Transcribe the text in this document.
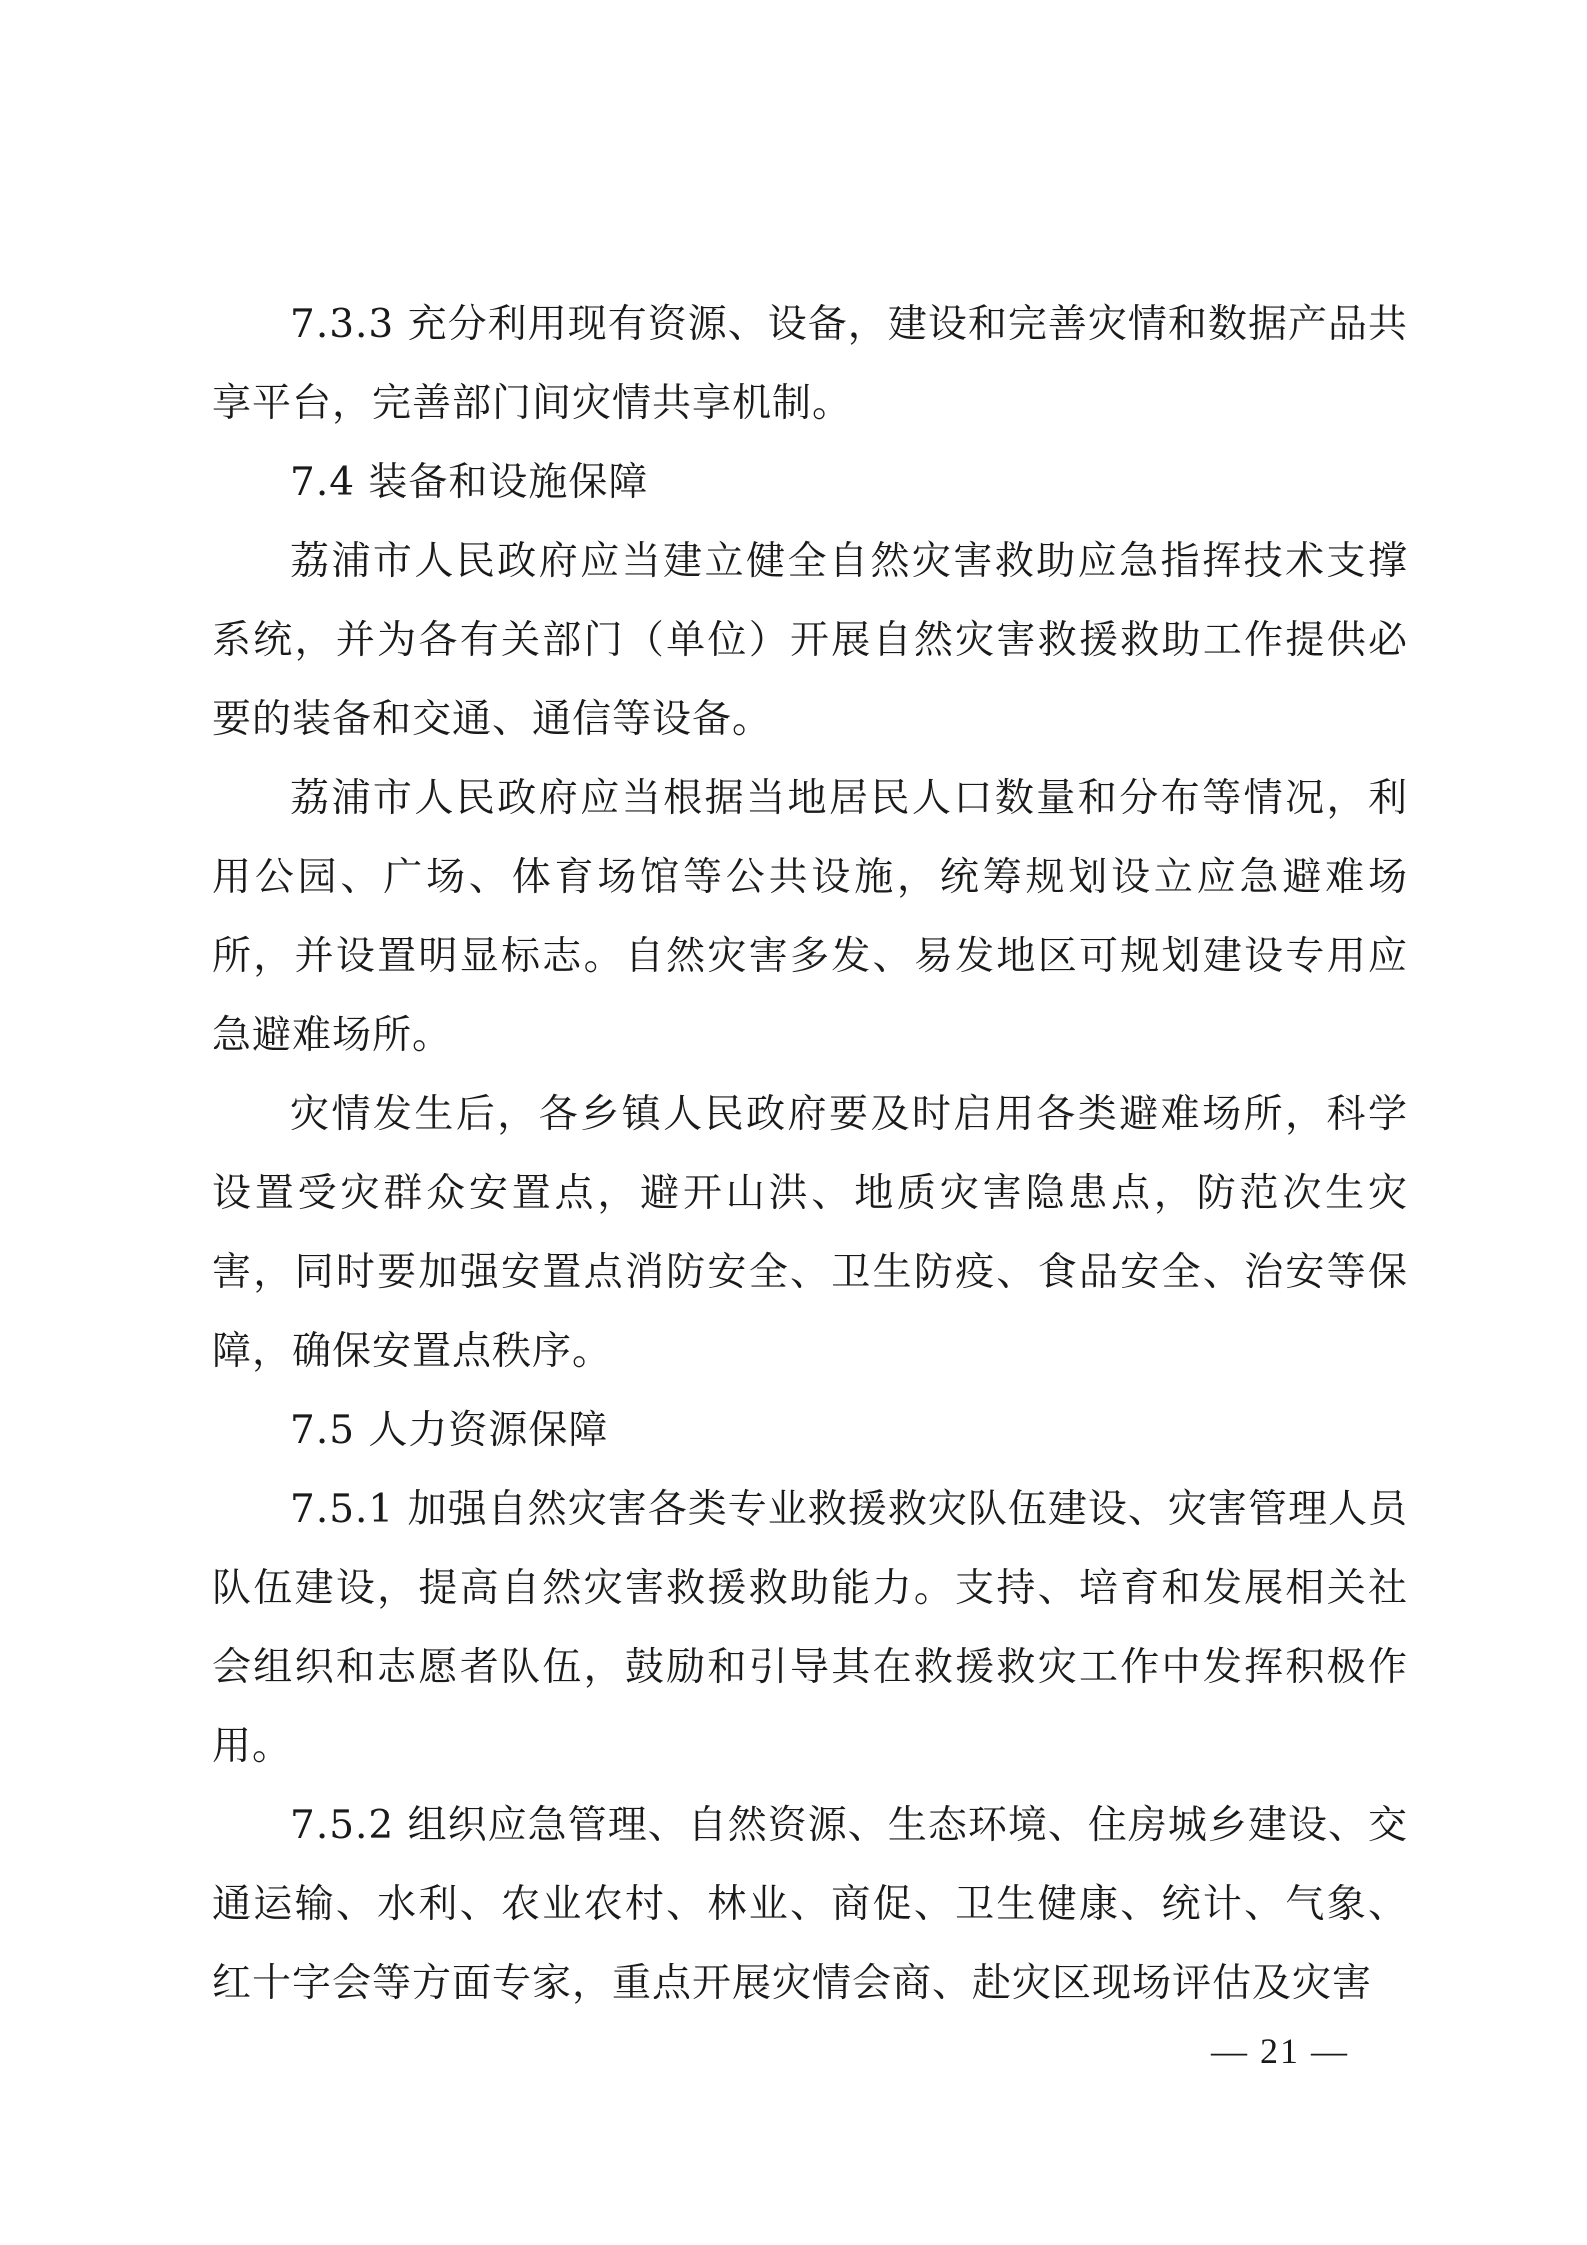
7.3.3 充分利用现有资源、设备，建设和完善灾情和数据产品共享平台，完善部门间灾情共享机制。

7.4 装备和设施保障

荔浦市人民政府应当建立健全自然灾害救助应急指挥技术支撑系统，并为各有关部门（单位）开展自然灾害救援救助工作提供必要的装备和交通、通信等设备。

荔浦市人民政府应当根据当地居民人口数量和分布等情况，利用公园、广场、体育场馆等公共设施，统筹规划设立应急避难场所，并设置明显标志。自然灾害多发、易发地区可规划建设专用应急避难场所。

灾情发生后，各乡镇人民政府要及时启用各类避难场所，科学设置受灾群众安置点，避开山洪、地质灾害隐患点，防范次生灾害，同时要加强安置点消防安全、卫生防疫、食品安全、治安等保障，确保安置点秩序。

7.5 人力资源保障

7.5.1 加强自然灾害各类专业救援救灾队伍建设、灾害管理人员队伍建设，提高自然灾害救援救助能力。支持、培育和发展相关社会组织和志愿者队伍，鼓励和引导其在救援救灾工作中发挥积极作用。

7.5.2 组织应急管理、自然资源、生态环境、住房城乡建设、交通运输、水利、农业农村、林业、商促、卫生健康、统计、气象、红十字会等方面专家，重点开展灾情会商、赴灾区现场评估及灾害

— 21 —
